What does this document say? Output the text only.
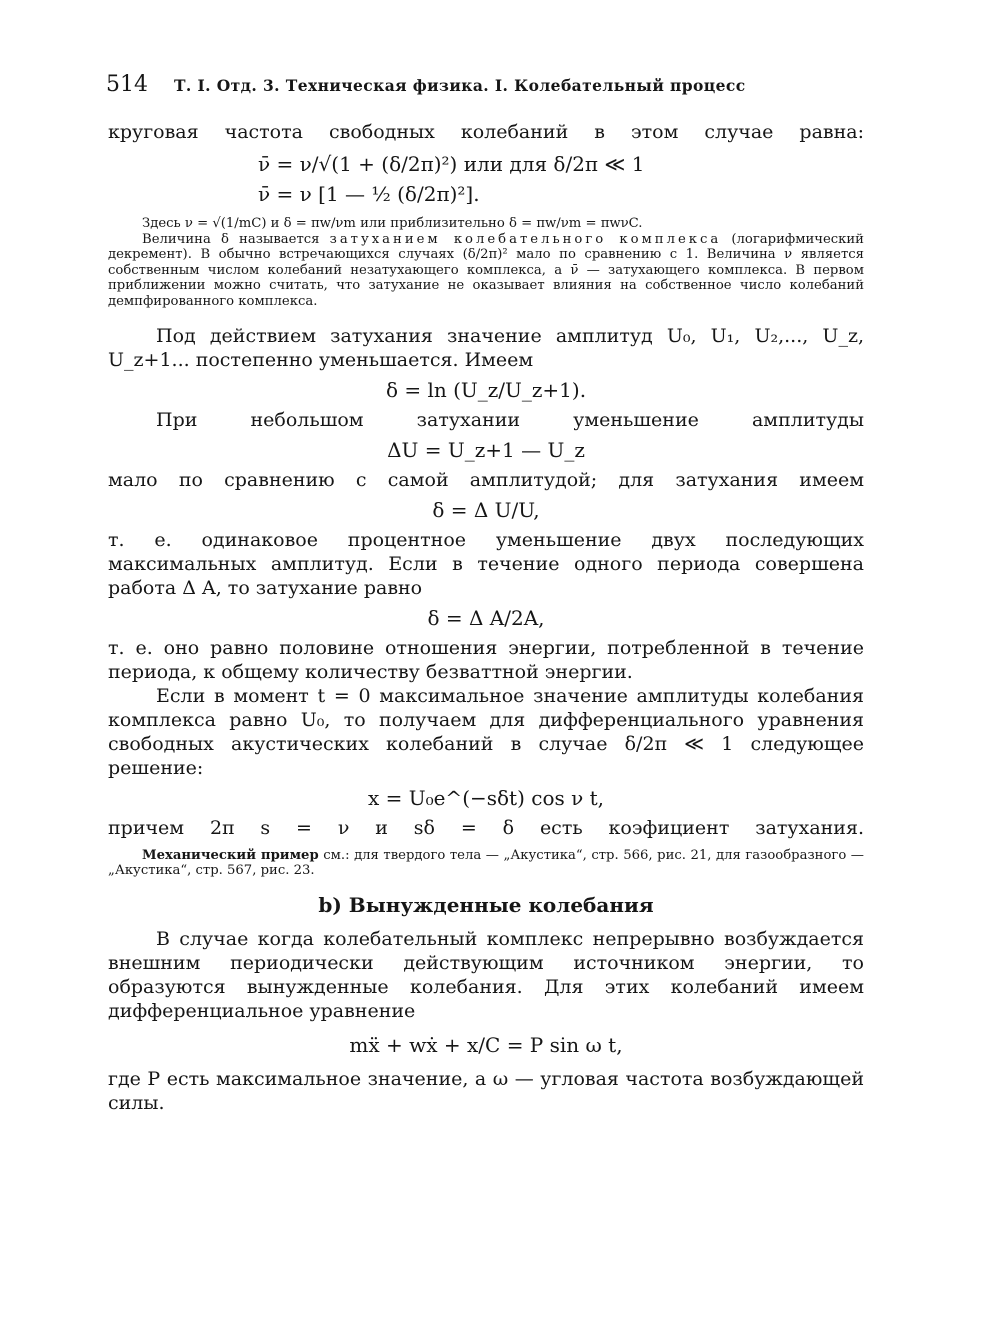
514 Т. I. Отд. 3. Техническая физика. I. Колебательный процесс

круговая частота свободных колебаний в этом случае равна:

ν̄ = ν/√(1 + (δ/2π)²) или для δ/2π ≪ 1
ν̄ = ν [1 — ½ (δ/2π)²].

Здесь ν = √(1/mC) и δ = πw/νm или приблизительно δ = πw/νm = πwνC.

Величина δ называется затуханием колебательного комплекса (логарифмический декремент). В обычно встречающихся случаях (δ/2π)² мало по сравнению с 1. Величина ν является собственным числом колебаний незатухающего комплекса, а ν̄ — затухающего комплекса. В первом приближении можно считать, что затухание не оказывает влияния на собственное число колебаний демпфированного комплекса.

Под действием затухания значение амплитуд U₀, U₁, U₂,..., U_z, U_z+1... постепенно уменьшается. Имеем

δ = ln (U_z/U_z+1).

При небольшом затухании уменьшение амплитуды

ΔU = U_z+1 — U_z

мало по сравнению с самой амплитудой; для затухания имеем

δ = Δ U/U,

т. е. одинаковое процентное уменьшение двух последующих максимальных амплитуд. Если в течение одного периода совершена работа Δ A, то затухание равно

δ = Δ A/2A,

т. е. оно равно половине отношения энергии, потребленной в течение периода, к общему количеству безваттной энергии.

Если в момент t = 0 максимальное значение амплитуды колебания комплекса равно U₀, то получаем для дифференциального уравнения свободных акустических колебаний в случае δ/2π ≪ 1 следующее решение:

x = U₀e^(−sδt) cos ν t,

причем 2π s = ν и sδ = δ есть коэфициент затухания.

Механический пример см.: для твердого тела — „Акустика“, стр. 566, рис. 21, для газообразного — „Акустика“, стр. 567, рис. 23.

b) Вынужденные колебания

В случае когда колебательный комплекс непрерывно возбуждается внешним периодически действующим источником энергии, то образуются вынужденные колебания. Для этих колебаний имеем дифференциальное уравнение

mẍ + wẋ + x/C = P sin ω t,

где P есть максимальное значение, а ω — угловая частота возбуждающей силы.
